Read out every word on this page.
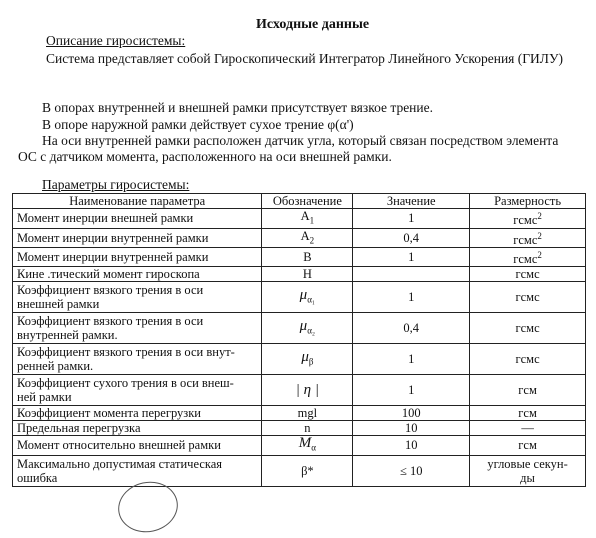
Исходные данные
Описание гиросистемы:
Система представляет собой Гироскопический Интегратор Линейного Ускорения (ГИЛУ)
В опорах внутренней и внешней рамки присутствует вязкое трение.
В опоре наружной рамки действует сухое трение φ(α')
На оси внутренней рамки расположен датчик угла, который связан посредством элемента
ОС с датчиком момента, расположенного на оси внешней рамки.
Параметры гиросистемы:
Наименование параметра	Обозначение	Значение	Размерность
Момент инерции внешней рамки	$A_1$	1	гсмс$^2$
Момент инерции внутренней рамки	$A_2$	0,4	гсмс$^2$
Момент инерции внутренней рамки	B	1	гсмс$^2$
Кине .тический момент гироскопа	H		гсмс
Коэффициент вязкого трения в оси
внешней рамки	$\mu_{\alpha_1}$	1	гсмс
Коэффициент вязкого трения в оси
внутренней рамки.	$\mu_{\alpha_2}$	0,4	гсмс
Коэффициент вязкого трения в оси внут-
ренней рамки.	$\mu_\beta$	1	гсмс
Коэффициент сухого трения в оси внеш-
ней рамки	| η |	1	гсм
Коэффициент момента перегрузки	mgl	100	гсм
Предельная перегрузка	n	10	—
Момент относительно внешней рамки	$M_\alpha$	10	гсм
Максимально допустимая статическая
ошибка	β*	≤ 10	угловые секун-
ды
